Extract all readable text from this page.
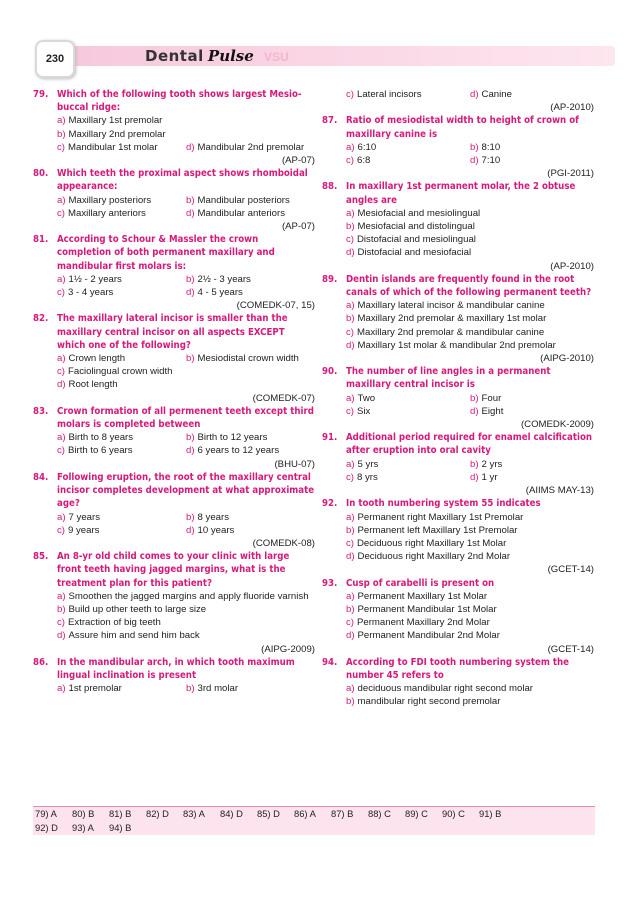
230	Dental Pulse VSU
79. Which of the following tooth shows largest Mesio-buccal ridge:
a) Maxillary 1st premolar
b) Maxillary 2nd premolar
c) Mandibular 1st molar	d) Mandibular 2nd premolar
(AP-07)
80. Which teeth the proximal aspect shows rhomboidal appearance:
a) Maxillary posteriors	b) Mandibular posteriors
c) Maxillary anteriors	d) Mandibular anteriors
(AP-07)
81. According to Schour & Massler the crown completion of both permanent maxillary and mandibular first molars is:
a) 1½ - 2 years	b) 2½ - 3 years
c) 3 - 4 years	d) 4 - 5 years
(COMEDK-07, 15)
82. The maxillary lateral incisor is smaller than the maxillary central incisor on all aspects EXCEPT which one of the following?
a) Crown length	b) Mesiodistal crown width
c) Faciolingual crown width
d) Root length
(COMEDK-07)
83. Crown formation of all permenent teeth except third molars is completed between
a) Birth to 8 years	b) Birth to 12 years
c) Birth to 6 years	d) 6 years to 12 years
(BHU-07)
84. Following eruption, the root of the maxillary central incisor completes development at what approximate age?
a) 7 years	b) 8 years
c) 9 years	d) 10 years
(COMEDK-08)
85. An 8-yr old child comes to your clinic with large front teeth having jagged margins, what is the treatment plan for this patient?
a) Smoothen the jagged margins and apply fluoride varnish
b) Build up other teeth to large size
c) Extraction of big teeth
d) Assure him and send him back
(AIPG-2009)
86. In the mandibular arch, in which tooth maximum lingual inclination is present
a) 1st premolar	b) 3rd molar
c) Lateral incisors	d) Canine
(AP-2010)
87. Ratio of mesiodistal width to height of crown of maxillary canine is
a) 6:10	b) 8:10
c) 6:8	d) 7:10
(PGI-2011)
88. In maxillary 1st permanent molar, the 2 obtuse angles are
a) Mesiofacial and mesiolingual
b) Mesiofacial and distolingual
c) Distofacial and mesiolingual
d) Distofacial and mesiofacial
(AP-2010)
89. Dentin islands are frequently found in the root canals of which of the following permanent teeth?
a) Maxillary lateral incisor & mandibular canine
b) Maxillary 2nd premolar & maxillary 1st molar
c) Maxillary 2nd premolar & mandibular canine
d) Maxillary 1st molar & mandibular 2nd premolar
(AIPG-2010)
90. The number of line angles in a permanent maxillary central incisor is
a) Two	b) Four
c) Six	d) Eight
(COMEDK-2009)
91. Additional period required for enamel calcification after eruption into oral cavity
a) 5 yrs	b) 2 yrs
c) 8 yrs	d) 1 yr
(AIIMS MAY-13)
92. In tooth numbering system 55 indicates
a) Permanent right Maxillary 1st Premolar
b) Permanent left Maxillary 1st Premolar
c) Deciduous right Maxillary 1st Molar
d) Deciduous right Maxillary 2nd Molar
(GCET-14)
93. Cusp of carabelli is present on
a) Permanent Maxillary 1st Molar
b) Permanent Mandibular 1st Molar
c) Permanent Maxillary 2nd Molar
d) Permanent Mandibular 2nd Molar
(GCET-14)
94. According to FDI tooth numbering system the number 45 refers to
a) deciduous mandibular right second molar
b) mandibular right second premolar
79) A	80) B	81) B	82) D	83) A	84) D	85) D	86) A	87) B	88) C	89) C	90) C	91) B
92) D	93) A	94) B
